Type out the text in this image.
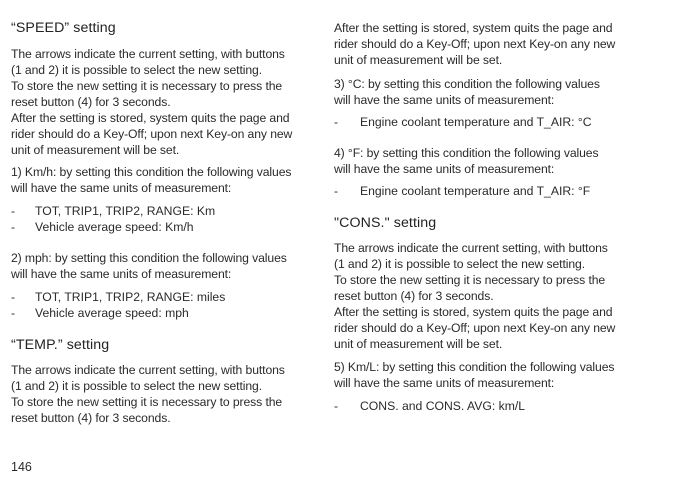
“SPEED” setting
The arrows indicate the current setting, with buttons
(1 and 2) it is possible to select the new setting.
To store the new setting it is necessary to press the
reset button (4) for 3 seconds.
After the setting is stored, system quits the page and
rider should do a Key-Off; upon next Key-on any new
unit of measurement will be set.
1) Km/h: by setting this condition the following values
will have the same units of measurement:
- TOT, TRIP1, TRIP2, RANGE: Km
- Vehicle average speed: Km/h
2) mph: by setting this condition the following values
will have the same units of measurement:
- TOT, TRIP1, TRIP2, RANGE: miles
- Vehicle average speed: mph
“TEMP.” setting
The arrows indicate the current setting, with buttons
(1 and 2) it is possible to select the new setting.
To store the new setting it is necessary to press the
reset button (4) for 3 seconds.
After the setting is stored, system quits the page and
rider should do a Key-Off; upon next Key-on any new
unit of measurement will be set.
3) °C: by setting this condition the following values
will have the same units of measurement:
- Engine coolant temperature and T_AIR: °C
4) °F: by setting this condition the following values
will have the same units of measurement:
- Engine coolant temperature and T_AIR: °F
"CONS." setting
The arrows indicate the current setting, with buttons
(1 and 2) it is possible to select the new setting.
To store the new setting it is necessary to press the
reset button (4) for 3 seconds.
After the setting is stored, system quits the page and
rider should do a Key-Off; upon next Key-on any new
unit of measurement will be set.
5) Km/L: by setting this condition the following values
will have the same units of measurement:
- CONS. and CONS. AVG: km/L
146
